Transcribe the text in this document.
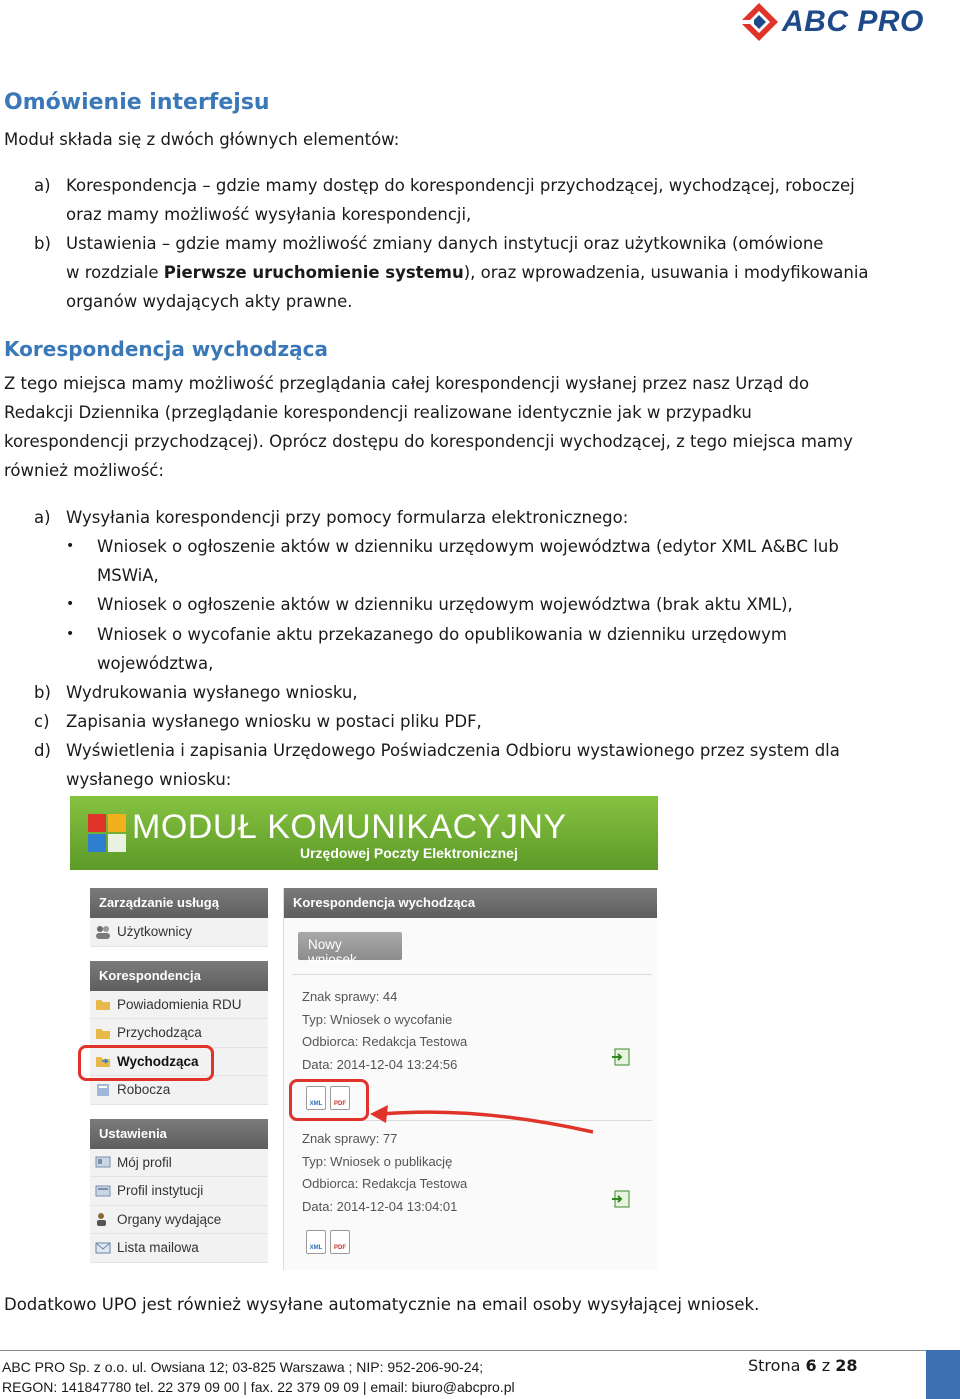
ABC PRO
Omówienie interfejsu
Moduł składa się z dwóch głównych elementów:
a) Korespondencja – gdzie mamy dostęp do korespondencji przychodzącej, wychodzącej, roboczej
oraz mamy możliwość wysyłania korespondencji,
b) Ustawienia – gdzie mamy możliwość zmiany danych instytucji oraz użytkownika (omówione
w rozdziale Pierwsze uruchomienie systemu), oraz wprowadzenia, usuwania i modyfikowania
organów wydających akty prawne.
Korespondencja wychodząca
Z tego miejsca mamy możliwość przeglądania całej korespondencji wysłanej przez nasz Urząd do
Redakcji Dziennika (przeglądanie korespondencji realizowane identycznie jak w przypadku
korespondencji przychodzącej). Oprócz dostępu do korespondencji wychodzącej, z tego miejsca mamy
również możliwość:
a) Wysyłania korespondencji przy pomocy formularza elektronicznego:
• Wniosek o ogłoszenie aktów w dzienniku urzędowym województwa (edytor XML A&BC lub
MSWiA,
• Wniosek o ogłoszenie aktów w dzienniku urzędowym województwa (brak aktu XML),
• Wniosek o wycofanie aktu przekazanego do opublikowania w dzienniku urzędowym
województwa,
b) Wydrukowania wysłanego wniosku,
c) Zapisania wysłanego wniosku w postaci pliku PDF,
d) Wyświetlenia i zapisania Urzędowego Poświadczenia Odbioru wystawionego przez system dla
wysłanego wniosku:
MODUŁ KOMUNIKACYJNY
Urzędowej Poczty Elektronicznej
Zarządzanie usługą
Użytkownicy
Korespondencja
Powiadomienia RDU
Przychodząca
Wychodząca
Robocza
Ustawienia
Mój profil
Profil instytucji
Organy wydające
Lista mailowa
Korespondencja wychodząca
Nowy wniosek
Znak sprawy: 44
Typ: Wniosek o wycofanie
Odbiorca: Redakcja Testowa
Data: 2014-12-04 13:24:56
XML	PDF
Znak sprawy: 77
Typ: Wniosek o publikację
Odbiorca: Redakcja Testowa
Data: 2014-12-04 13:04:01
XML	PDF
Dodatkowo UPO jest również wysyłane automatycznie na email osoby wysyłającej wniosek.
ABC PRO Sp. z o.o. ul. Owsiana 12; 03-825 Warszawa ; NIP: 952-206-90-24;
REGON: 141847780 tel. 22 379 09 00 | fax. 22 379 09 09 | email: biuro@abcpro.pl
Strona 6 z 28
